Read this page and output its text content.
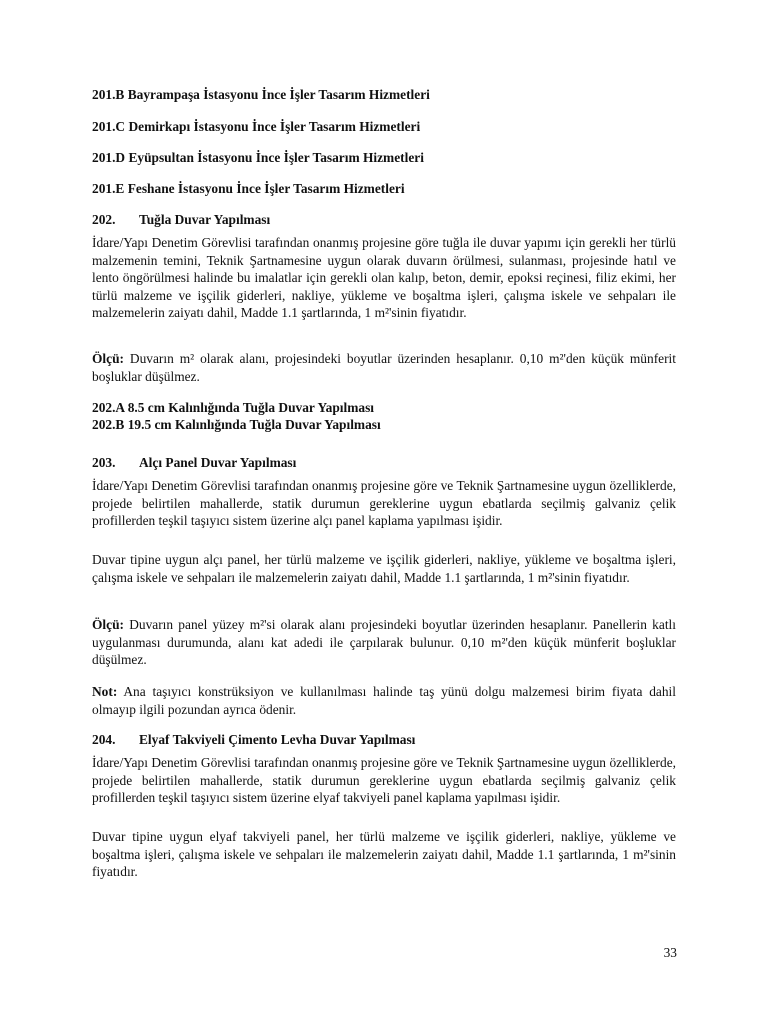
201.B Bayrampaşa İstasyonu İnce İşler Tasarım Hizmetleri
201.C Demirkapı İstasyonu İnce İşler Tasarım Hizmetleri
201.D Eyüpsultan İstasyonu İnce İşler Tasarım Hizmetleri
201.E Feshane İstasyonu İnce İşler Tasarım Hizmetleri
202. Tuğla Duvar Yapılması
İdare/Yapı Denetim Görevlisi tarafından onanmış projesine göre tuğla ile duvar yapımı için gerekli her türlü malzemenin temini, Teknik Şartnamesine uygun olarak duvarın örülmesi, sulanması, projesinde hatıl ve lento öngörülmesi halinde bu imalatlar için gerekli olan kalıp, beton, demir, epoksi reçinesi, filiz ekimi, her türlü malzeme ve işçilik giderleri, nakliye, yükleme ve boşaltma işleri, çalışma iskele ve sehpaları ile malzemelerin zaiyatı dahil, Madde 1.1 şartlarında, 1 m²'sinin fiyatıdır.
Ölçü: Duvarın m² olarak alanı, projesindeki boyutlar üzerinden hesaplanır. 0,10 m²'den küçük münferit boşluklar düşülmez.
202.A 8.5 cm Kalınlığında Tuğla Duvar Yapılması
202.B 19.5 cm Kalınlığında Tuğla Duvar Yapılması
203. Alçı Panel Duvar Yapılması
İdare/Yapı Denetim Görevlisi tarafından onanmış projesine göre ve Teknik Şartnamesine uygun özelliklerde, projede belirtilen mahallerde, statik durumun gereklerine uygun ebatlarda seçilmiş galvaniz çelik profillerden teşkil taşıyıcı sistem üzerine alçı panel kaplama yapılması işidir.
Duvar tipine uygun alçı panel, her türlü malzeme ve işçilik giderleri, nakliye, yükleme ve boşaltma işleri, çalışma iskele ve sehpaları ile malzemelerin zaiyatı dahil, Madde 1.1 şartlarında, 1 m²'sinin fiyatıdır.
Ölçü: Duvarın panel yüzey m²'si olarak alanı projesindeki boyutlar üzerinden hesaplanır. Panellerin katlı uygulanması durumunda, alanı kat adedi ile çarpılarak bulunur. 0,10 m²'den küçük münferit boşluklar düşülmez.
Not: Ana taşıyıcı konstrüksiyon ve kullanılması halinde taş yünü dolgu malzemesi birim fiyata dahil olmayıp ilgili pozundan ayrıca ödenir.
204. Elyaf Takviyeli Çimento Levha Duvar Yapılması
İdare/Yapı Denetim Görevlisi tarafından onanmış projesine göre ve Teknik Şartnamesine uygun özelliklerde, projede belirtilen mahallerde, statik durumun gereklerine uygun ebatlarda seçilmiş galvaniz çelik profillerden teşkil taşıyıcı sistem üzerine elyaf takviyeli panel kaplama yapılması işidir.
Duvar tipine uygun elyaf takviyeli panel, her türlü malzeme ve işçilik giderleri, nakliye, yükleme ve boşaltma işleri, çalışma iskele ve sehpaları ile malzemelerin zaiyatı dahil, Madde 1.1 şartlarında, 1 m²'sinin fiyatıdır.
33
